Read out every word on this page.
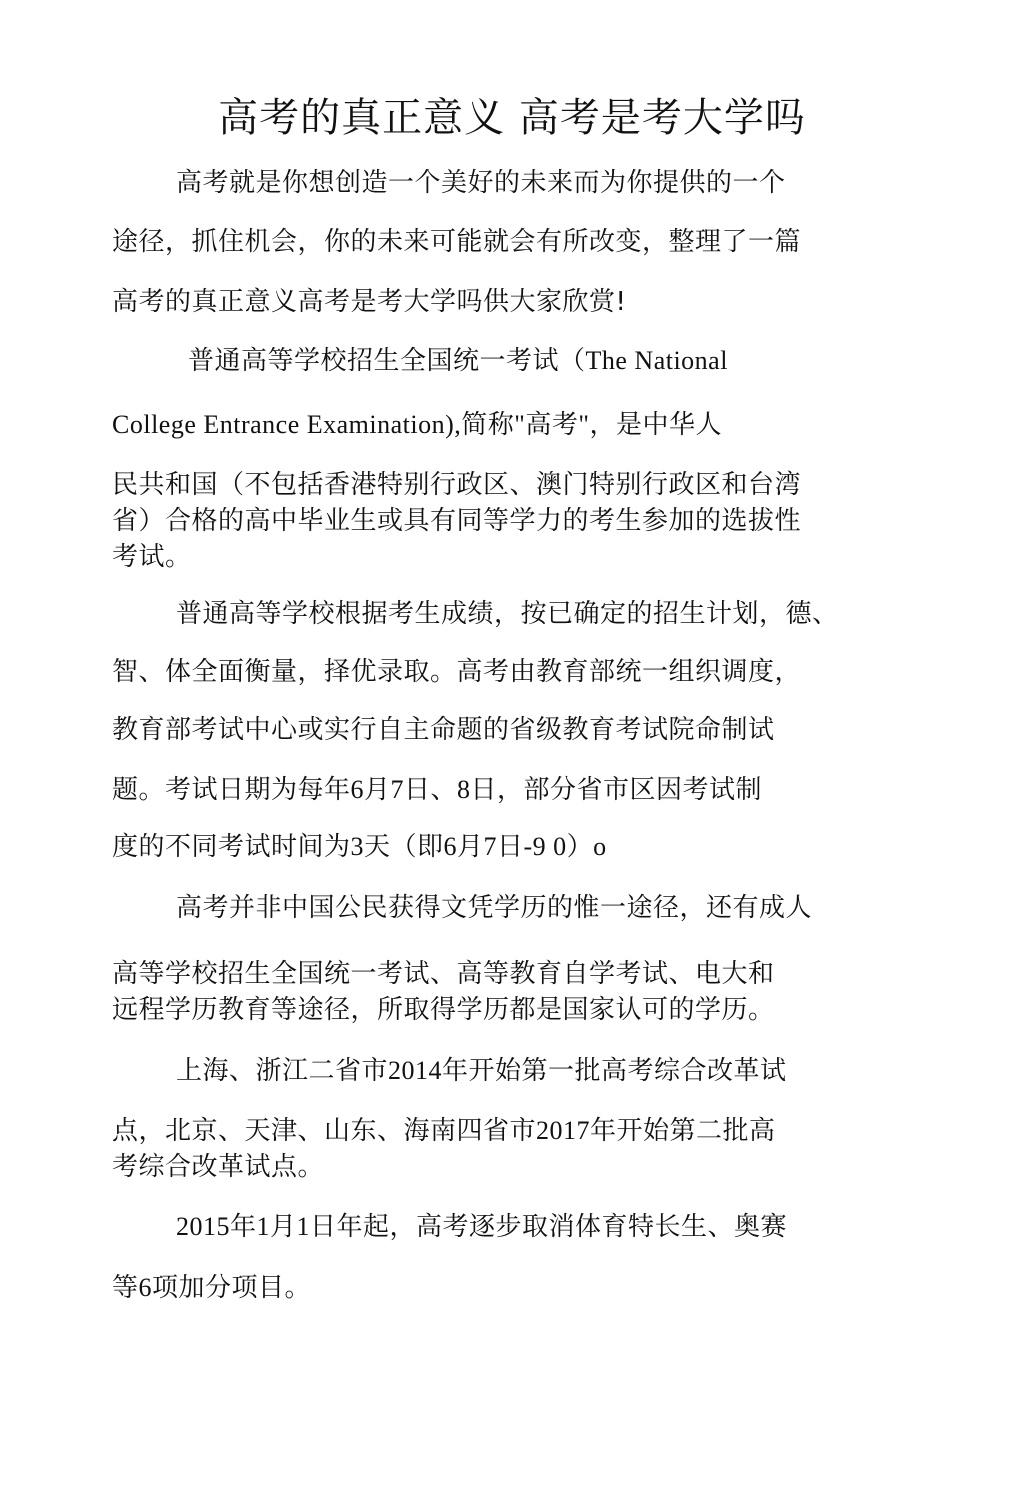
高考的真正意义 高考是考大学吗
高考就是你想创造一个美好的未来而为你提供的一个
途径，抓住机会，你的未来可能就会有所改变，整理了一篇
高考的真正意义高考是考大学吗供大家欣赏!
普通高等学校招生全国统一考试（The National
College Entrance Examination),简称"高考"，是中华人
民共和国（不包括香港特别行政区、澳门特别行政区和台湾
省）合格的高中毕业生或具有同等学力的考生参加的选拔性
考试。
普通高等学校根据考生成绩，按已确定的招生计划，德、
智、体全面衡量，择优录取。高考由教育部统一组织调度，
教育部考试中心或实行自主命题的省级教育考试院命制试
题。考试日期为每年6月7日、8日，部分省市区因考试制
度的不同考试时间为3天（即6月7日-9 0）o
高考并非中国公民获得文凭学历的惟一途径，还有成人
高等学校招生全国统一考试、高等教育自学考试、电大和
远程学历教育等途径，所取得学历都是国家认可的学历。
上海、浙江二省市2014年开始第一批高考综合改革试
点，北京、天津、山东、海南四省市2017年开始第二批高
考综合改革试点。
2015年1月1日年起，高考逐步取消体育特长生、奥赛
等6项加分项目。
